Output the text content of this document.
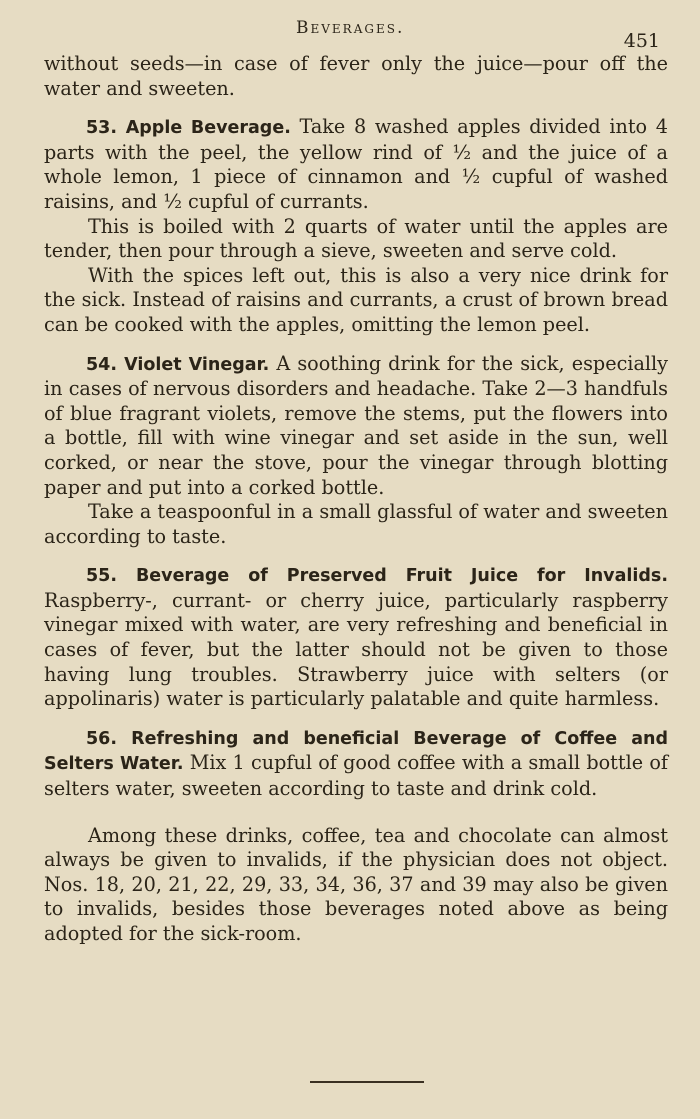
Beverages.
451

without seeds—in case of fever only the juice—pour off the water and sweeten.

53. Apple Beverage. Take 8 washed apples divided into 4 parts with the peel, the yellow rind of ½ and the juice of a whole lemon, 1 piece of cinnamon and ½ cupful of washed raisins, and ½ cupful of currants.

This is boiled with 2 quarts of water until the apples are tender, then pour through a sieve, sweeten and serve cold.

With the spices left out, this is also a very nice drink for the sick. Instead of raisins and currants, a crust of brown bread can be cooked with the apples, omitting the lemon peel.

54. Violet Vinegar. A soothing drink for the sick, especially in cases of nervous disorders and headache. Take 2—3 handfuls of blue fragrant violets, remove the stems, put the flowers into a bottle, fill with wine vinegar and set aside in the sun, well corked, or near the stove, pour the vinegar through blotting paper and put into a corked bottle.

Take a teaspoonful in a small glassful of water and sweeten according to taste.

55. Beverage of Preserved Fruit Juice for Invalids. Raspberry-, currant- or cherry juice, particularly raspberry vinegar mixed with water, are very refreshing and beneficial in cases of fever, but the latter should not be given to those having lung troubles. Strawberry juice with selters (or appolinaris) water is particularly palatable and quite harmless.

56. Refreshing and beneficial Beverage of Coffee and Selters Water. Mix 1 cupful of good coffee with a small bottle of selters water, sweeten according to taste and drink cold.

Among these drinks, coffee, tea and chocolate can almost always be given to invalids, if the physician does not object. Nos. 18, 20, 21, 22, 29, 33, 34, 36, 37 and 39 may also be given to invalids, besides those beverages noted above as being adopted for the sick-room.
